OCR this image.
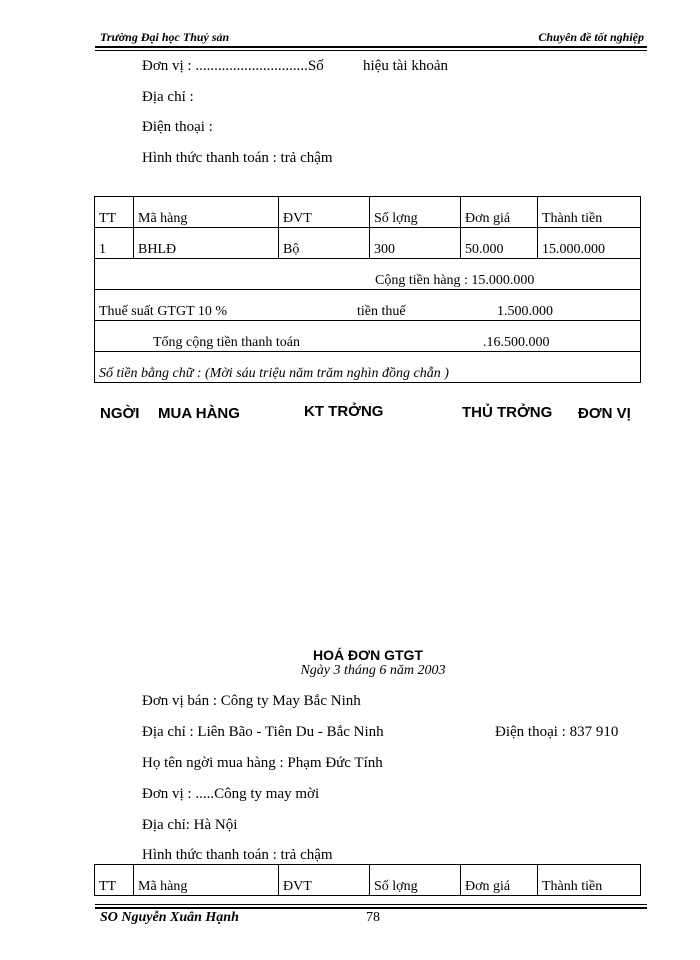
Trường Đại học Thuỷ sản	Chuyên đề tốt nghiệp
Đơn vị : ..............................Số	hiệu tài khoản
Địa chỉ :
Điện thoại :
Hình thức thanh toán : trả chậm
TT	Mã hàng	ĐVT	Số lợng	Đơn giá	Thành tiền
1	BHLĐ	Bộ	300	50.000	15.000.000
Cộng tiền hàng : 15.000.000					
Thuế suất GTGT 10 % tiền thuế 1.500.000					
Tổng cộng tiền thanh toán .16.500.000					
Số tiền bằng chữ : (Mời sáu triệu năm trăm nghìn đồng chẵn )					
NGỜI MUA HÀNG	KT TRỞNG	THỦ TRỞNG ĐƠN VỊ
HOÁ ĐƠN GTGT
Ngày 3 tháng 6 năm 2003
Đơn vị bán : Công ty May Bắc Ninh
Địa chỉ : Liên Bão - Tiên Du - Bắc Ninh	Điện thoại : 837 910
Họ tên ngời mua hàng : Phạm Đức Tính
Đơn vị : .....Công ty may mời
Địa chỉ: Hà Nội
Hình thức thanh toán : trả chậm
TT	Mã hàng	ĐVT	Số lợng	Đơn giá	Thành tiền
SO Nguyễn Xuân Hạnh	78
